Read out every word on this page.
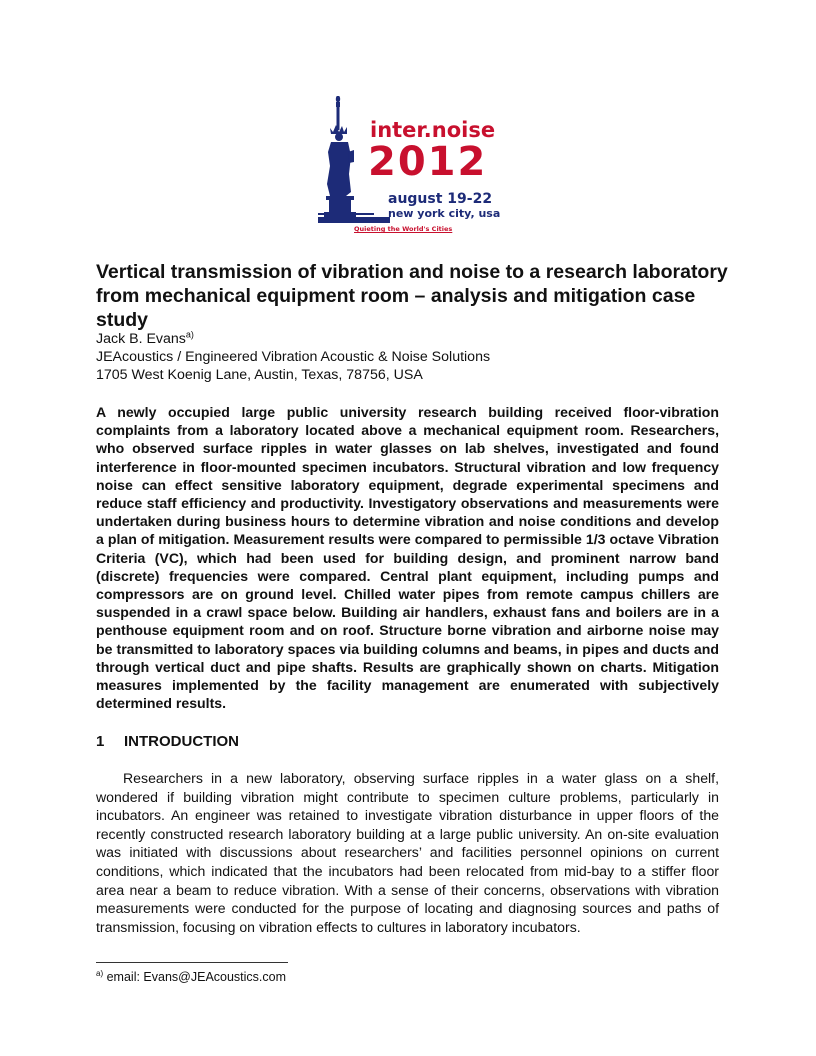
inter.noise
2012
august 19-22
new york city, usa
Quieting the World's Cities
Vertical transmission of vibration and noise to a research laboratory from mechanical equipment room – analysis and mitigation case study
Jack B. Evans$^{a)}$
JEAcoustics / Engineered Vibration Acoustic & Noise Solutions
1705 West Koenig Lane, Austin, Texas, 78756, USA

A newly occupied large public university research building received floor-vibration complaints from a laboratory located above a mechanical equipment room. Researchers, who observed surface ripples in water glasses on lab shelves, investigated and found interference in floor-mounted specimen incubators. Structural vibration and low frequency noise can effect sensitive laboratory equipment, degrade experimental specimens and reduce staff efficiency and productivity. Investigatory observations and measurements were undertaken during business hours to determine vibration and noise conditions and develop a plan of mitigation. Measurement results were compared to permissible 1/3 octave Vibration Criteria (VC), which had been used for building design, and prominent narrow band (discrete) frequencies were compared. Central plant equipment, including pumps and compressors are on ground level. Chilled water pipes from remote campus chillers are suspended in a crawl space below. Building air handlers, exhaust fans and boilers are in a penthouse equipment room and on roof. Structure borne vibration and airborne noise may be transmitted to laboratory spaces via building columns and beams, in pipes and ducts and through vertical duct and pipe shafts. Results are graphically shown on charts. Mitigation measures implemented by the facility management are enumerated with subjectively determined results.

1 INTRODUCTION

Researchers in a new laboratory, observing surface ripples in a water glass on a shelf, wondered if building vibration might contribute to specimen culture problems, particularly in incubators. An engineer was retained to investigate vibration disturbance in upper floors of the recently constructed research laboratory building at a large public university. An on-site evaluation was initiated with discussions about researchers’ and facilities personnel opinions on current conditions, which indicated that the incubators had been relocated from mid-bay to a stiffer floor area near a beam to reduce vibration. With a sense of their concerns, observations with vibration measurements were conducted for the purpose of locating and diagnosing sources and paths of transmission, focusing on vibration effects to cultures in laboratory incubators.

$^{a)}$ email: Evans@JEAcoustics.com
